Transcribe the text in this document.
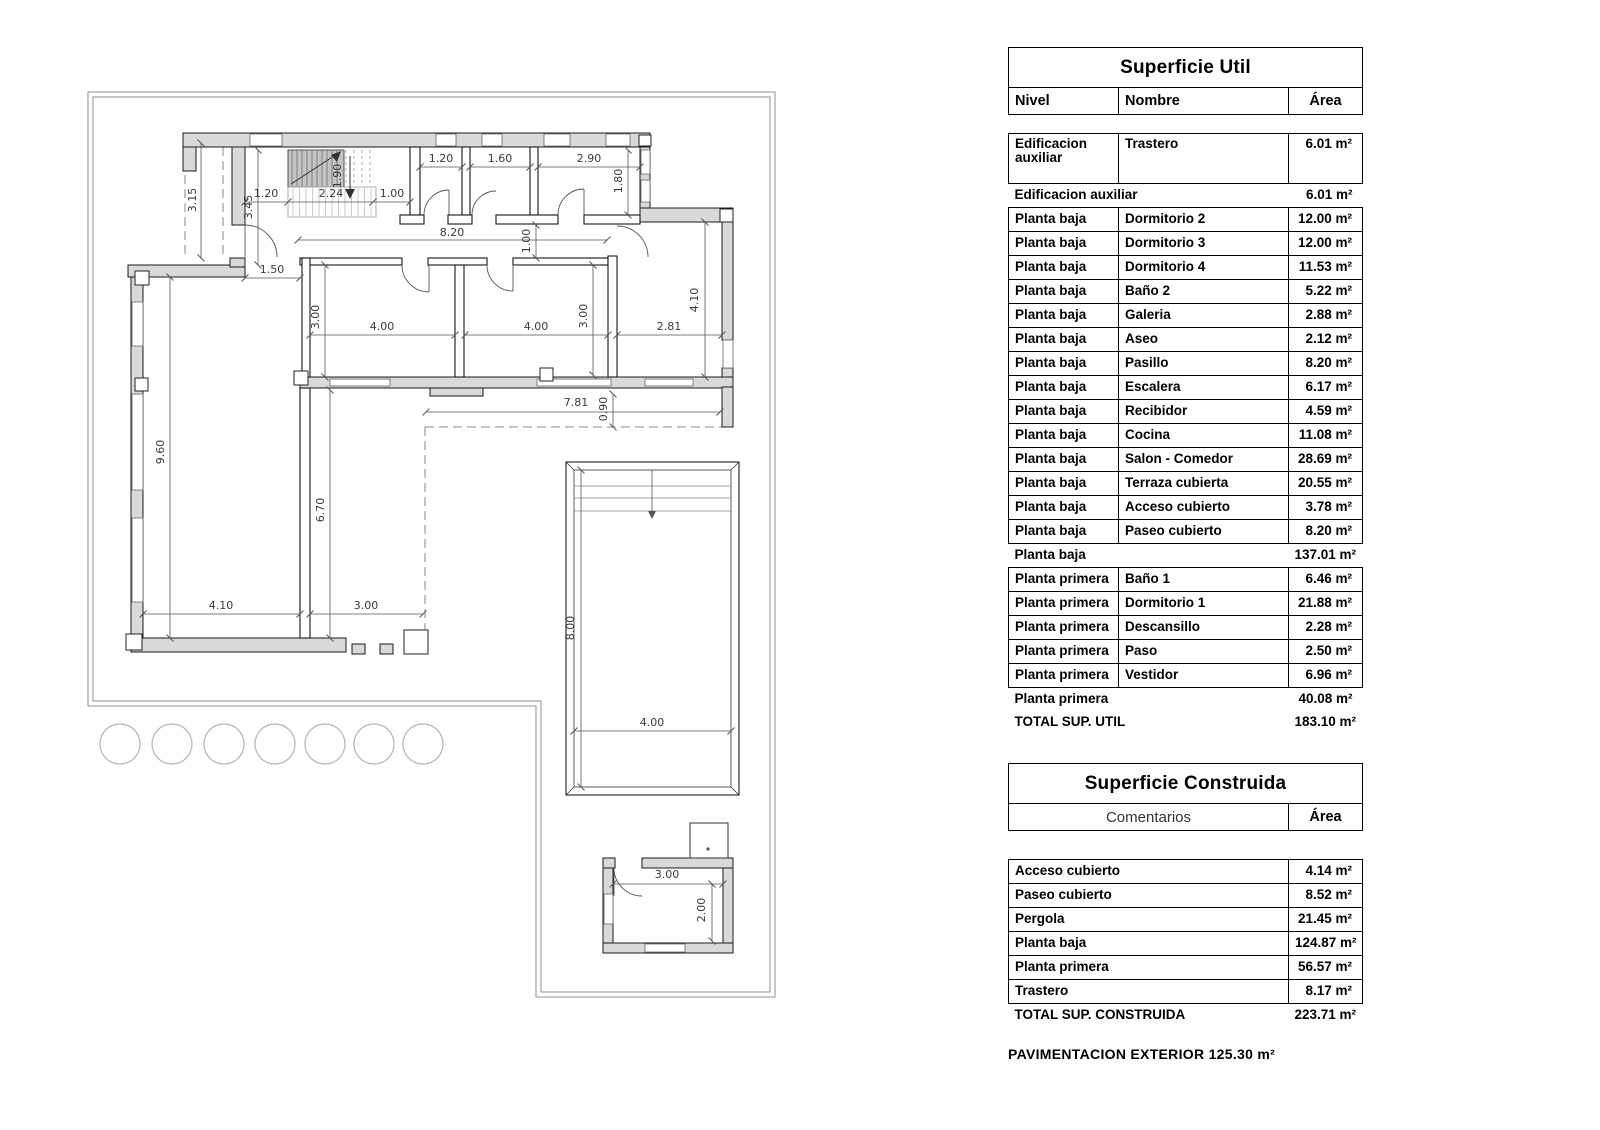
3.15	1.20	2.24
1.90
1.00
3.45
1.20	1.60	2.90
1.80
8.20	1.00
1.50
3.00	4.00	4.00	3.00	2.81
4.10
9.60
6.70
4.10	3.00
7.81 0.90
8.00
4.00
3.00
2.00
Superficie Util
Nivel	Nombre	Área
Edificacion auxiliar	Trastero	6.01 m²
Edificacion auxiliar		6.01 m²
Planta baja	Dormitorio 2	12.00 m²
Planta baja	Dormitorio 3	12.00 m²
Planta baja	Dormitorio 4	11.53 m²
Planta baja	Baño 2	5.22 m²
Planta baja	Galeria	2.88 m²
Planta baja	Aseo	2.12 m²
Planta baja	Pasillo	8.20 m²
Planta baja	Escalera	6.17 m²
Planta baja	Recibidor	4.59 m²
Planta baja	Cocina	11.08 m²
Planta baja	Salon - Comedor	28.69 m²
Planta baja	Terraza cubierta	20.55 m²
Planta baja	Acceso cubierto	3.78 m²
Planta baja	Paseo cubierto	8.20 m²
Planta baja		137.01 m²
Planta primera	Baño 1	6.46 m²
Planta primera	Dormitorio 1	21.88 m²
Planta primera	Descansillo	2.28 m²
Planta primera	Paso	2.50 m²
Planta primera	Vestidor	6.96 m²
Planta primera		40.08 m²
TOTAL SUP. UTIL		183.10 m²
Superficie Construida
Comentarios	Área
Acceso cubierto	4.14 m²
Paseo cubierto	8.52 m²
Pergola	21.45 m²
Planta baja	124.87 m²
Planta primera	56.57 m²
Trastero	8.17 m²
TOTAL SUP. CONSTRUIDA	223.71 m²
PAVIMENTACION EXTERIOR 125.30 m²
